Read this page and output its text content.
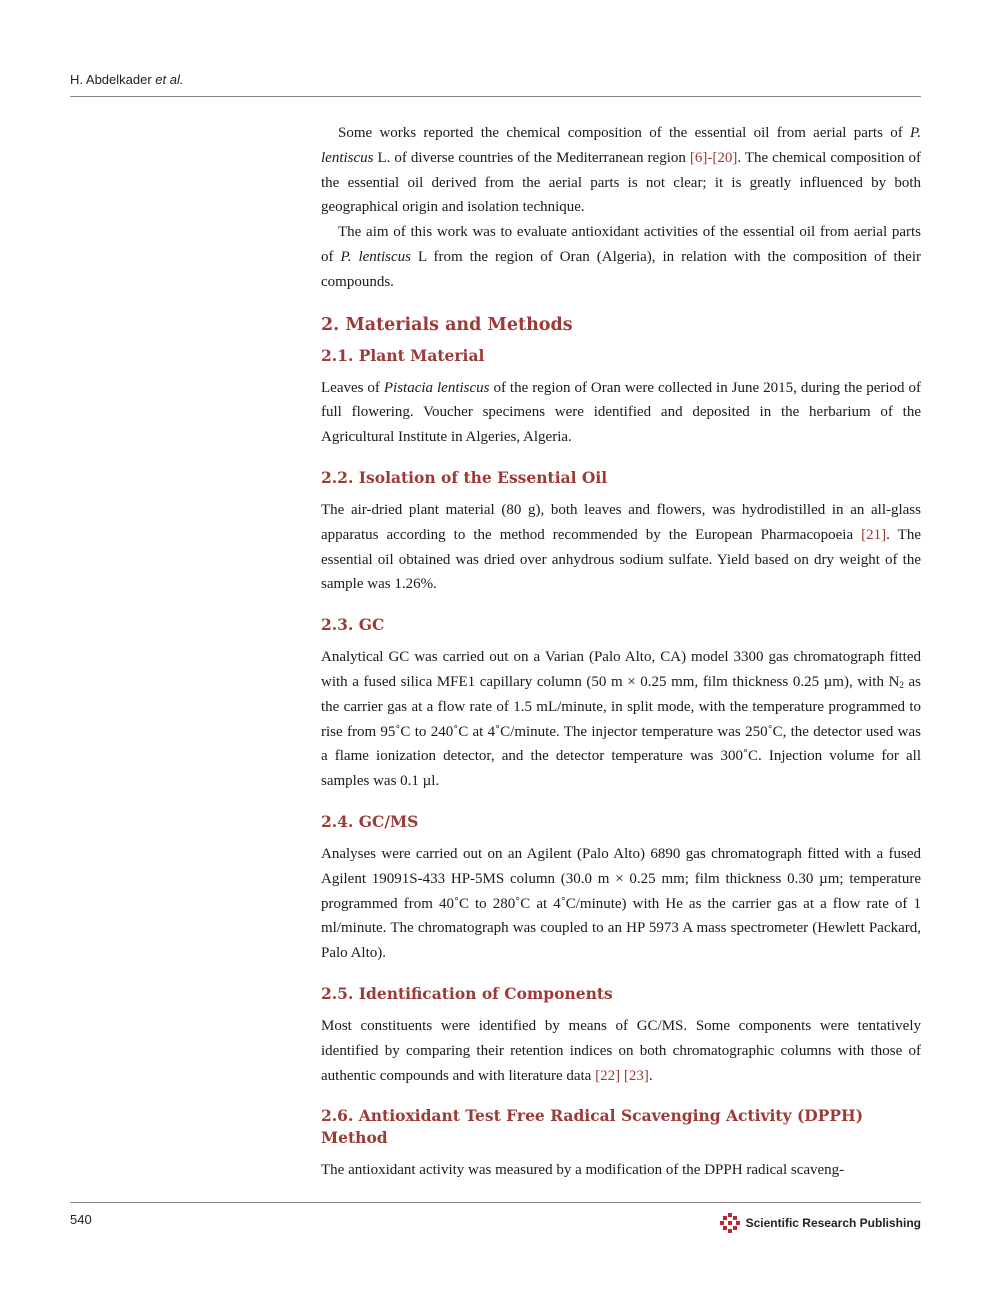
H. Abdelkader et al.

Some works reported the chemical composition of the essential oil from aerial parts of P. lentiscus L. of diverse countries of the Mediterranean region [6]-[20]. The chemical composition of the essential oil derived from the aerial parts is not clear; it is greatly influenced by both geographical origin and isolation technique.

The aim of this work was to evaluate antioxidant activities of the essential oil from aerial parts of P. lentiscus L from the region of Oran (Algeria), in relation with the composition of their compounds.

2. Materials and Methods
2.1. Plant Material

Leaves of Pistacia lentiscus of the region of Oran were collected in June 2015, during the period of full flowering. Voucher specimens were identified and deposited in the herbarium of the Agricultural Institute in Algeries, Algeria.

2.2. Isolation of the Essential Oil

The air-dried plant material (80 g), both leaves and flowers, was hydrodistilled in an all-glass apparatus according to the method recommended by the European Pharmacopoeia [21]. The essential oil obtained was dried over anhydrous sodium sulfate. Yield based on dry weight of the sample was 1.26%.

2.3. GC

Analytical GC was carried out on a Varian (Palo Alto, CA) model 3300 gas chromatograph fitted with a fused silica MFE1 capillary column (50 m × 0.25 mm, film thickness 0.25 µm), with $N_2$ as the carrier gas at a flow rate of 1.5 mL/minute, in split mode, with the temperature programmed to rise from 95˚C to 240˚C at 4˚C/minute. The injector temperature was 250˚C, the detector used was a flame ionization detector, and the detector temperature was 300˚C. Injection volume for all samples was 0.1 µl.

2.4. GC/MS

Analyses were carried out on an Agilent (Palo Alto) 6890 gas chromatograph fitted with a fused Agilent 19091S-433 HP-5MS column (30.0 m × 0.25 mm; film thickness 0.30 µm; temperature programmed from 40˚C to 280˚C at 4˚C/minute) with He as the carrier gas at a flow rate of 1 ml/minute. The chromatograph was coupled to an HP 5973 A mass spectrometer (Hewlett Packard, Palo Alto).

2.5. Identification of Components

Most constituents were identified by means of GC/MS. Some components were tentatively identified by comparing their retention indices on both chromatographic columns with those of authentic compounds and with literature data [22] [23].

2.6. Antioxidant Test Free Radical Scavenging Activity (DPPH) Method

The antioxidant activity was measured by a modification of the DPPH radical scaveng-

540	Scientific Research Publishing
